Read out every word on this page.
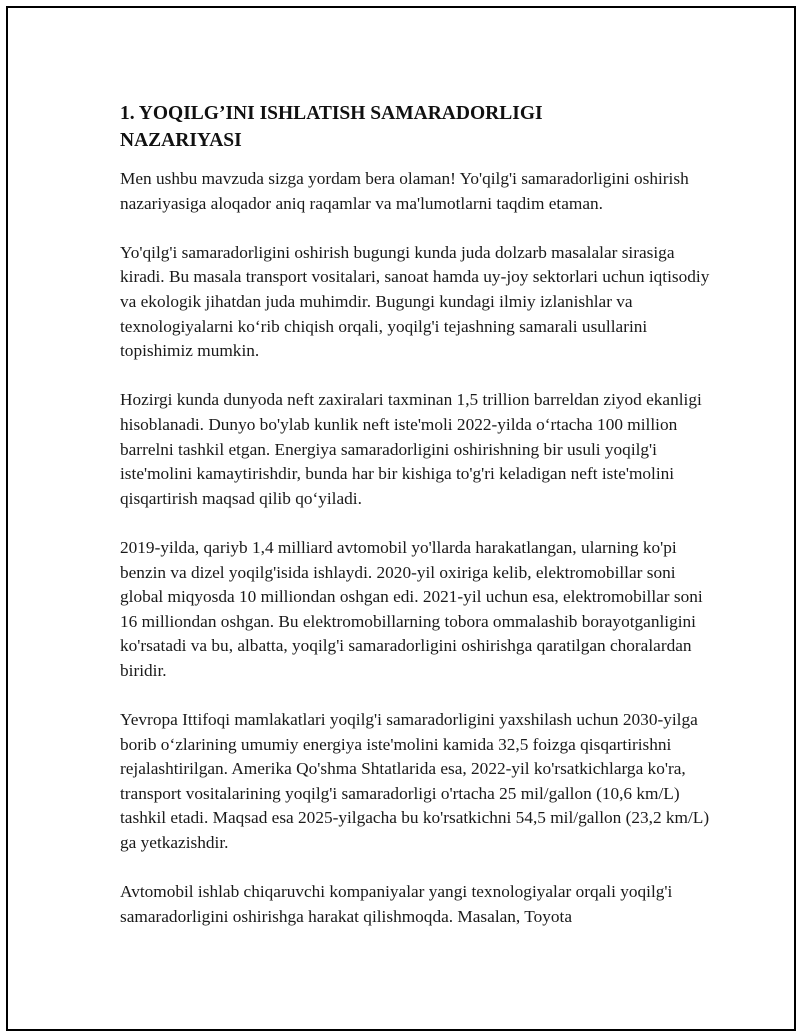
1. YOQILG’INI ISHLATISH SAMARADORLIGI
NAZARIYASI

Men ushbu mavzuda sizga yordam bera olaman! Yo'qilg'i samaradorligini oshirish nazariyasiga aloqador aniq raqamlar va ma'lumotlarni taqdim etaman.

Yo'qilg'i samaradorligini oshirish bugungi kunda juda dolzarb masalalar sirasiga kiradi. Bu masala transport vositalari, sanoat hamda uy-joy sektorlari uchun iqtisodiy va ekologik jihatdan juda muhimdir. Bugungi kundagi ilmiy izlanishlar va texnologiyalarni koʻrib chiqish orqali, yoqilg'i tejashning samarali usullarini topishimiz mumkin.

Hozirgi kunda dunyoda neft zaxiralari taxminan 1,5 trillion barreldan ziyod ekanligi hisoblanadi. Dunyo bo'ylab kunlik neft iste'moli 2022-yilda oʻrtacha 100 million barrelni tashkil etgan. Energiya samaradorligini oshirishning bir usuli yoqilg'i iste'molini kamaytirishdir, bunda har bir kishiga to'g'ri keladigan neft iste'molini qisqartirish maqsad qilib qoʻyiladi.

2019-yilda, qariyb 1,4 milliard avtomobil yo'llarda harakatlangan, ularning ko'pi benzin va dizel yoqilg'isida ishlaydi. 2020-yil oxiriga kelib, elektromobillar soni global miqyosda 10 milliondan oshgan edi. 2021-yil uchun esa, elektromobillar soni 16 milliondan oshgan. Bu elektromobillarning tobora ommalashib borayotganligini ko'rsatadi va bu, albatta, yoqilg'i samaradorligini oshirishga qaratilgan choralardan biridir.

Yevropa Ittifoqi mamlakatlari yoqilg'i samaradorligini yaxshilash uchun 2030-yilga borib oʻzlarining umumiy energiya iste'molini kamida 32,5 foizga qisqartirishni rejalashtirilgan. Amerika Qo'shma Shtatlarida esa, 2022-yil ko'rsatkichlarga ko'ra, transport vositalarining yoqilg'i samaradorligi o'rtacha 25 mil/gallon (10,6 km/L) tashkil etadi. Maqsad esa 2025-yilgacha bu ko'rsatkichni 54,5 mil/gallon (23,2 km/L) ga yetkazishdir.

Avtomobil ishlab chiqaruvchi kompaniyalar yangi texnologiyalar orqali yoqilg'i samaradorligini oshirishga harakat qilishmoqda. Masalan, Toyota
